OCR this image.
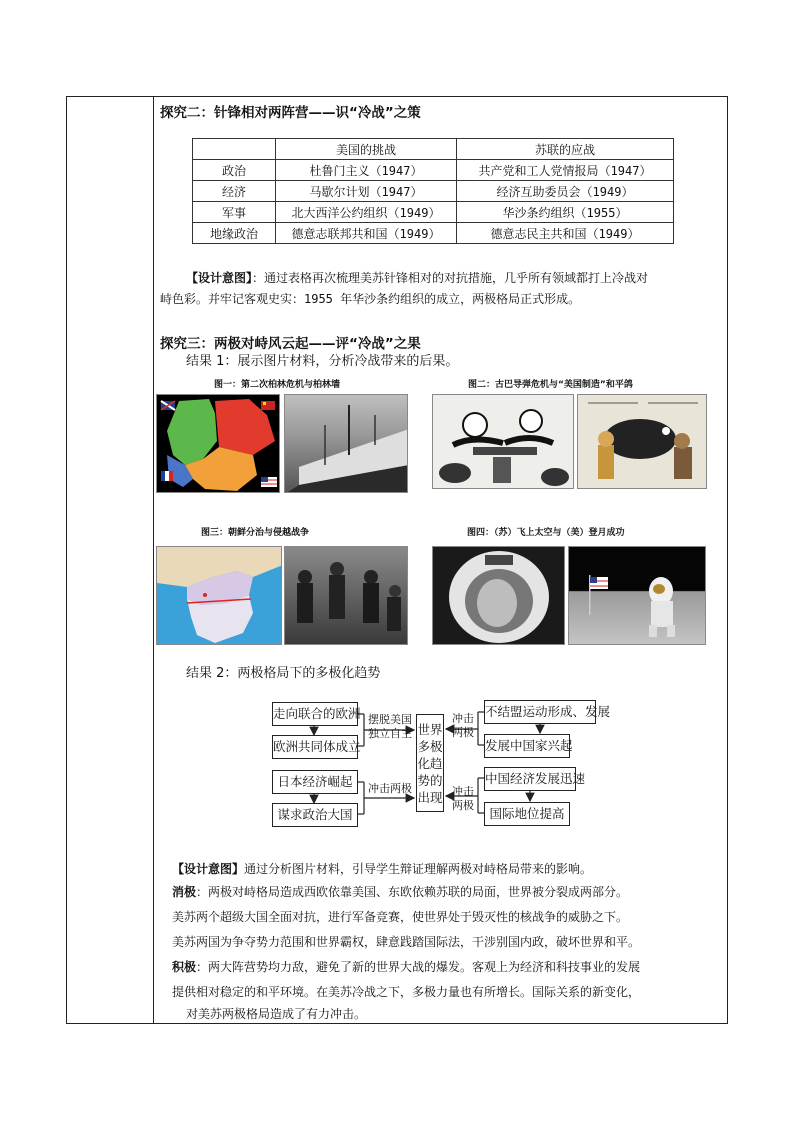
探究二：针锋相对两阵营——识“冷战”之策
	美国的挑战	苏联的应战
政治	杜鲁门主义（1947）	共产党和工人党情报局（1947）
经济	马歇尔计划（1947）	经济互助委员会（1949）
军事	北大西洋公约组织（1949）	华沙条约组织（1955）
地缘政治	德意志联邦共和国（1949）	德意志民主共和国（1949）
【设计意图】：通过表格再次梳理美苏针锋相对的对抗措施，几乎所有领域都打上冷战对
峙色彩。并牢记客观史实：1955 年华沙条约组织的成立，两极格局正式形成。
探究三：两极对峙风云起——评“冷战”之果
结果 1：展示图片材料，分析冷战带来的后果。
图一：第二次柏林危机与柏林墙	图二：古巴导弹危机与“美国制造”和平鸽
图三：朝鲜分治与侵越战争	图四：（苏）飞上太空与（美）登月成功
结果 2：两极格局下的多极化趋势
走向联合的欧洲
欧洲共同体成立
日本经济崛起
谋求政治大国
摆脱美国
独立自主
冲击两极
世界
多极
化趋
势的
出现
冲击
两极
冲击
两极
不结盟运动形成、发展
发展中国家兴起
中国经济发展迅速
国际地位提高
【设计意图】通过分析图片材料，引导学生辩证理解两极对峙格局带来的影响。
消极：两极对峙格局造成西欧依靠美国、东欧依赖苏联的局面，世界被分裂成两部分。
美苏两个超级大国全面对抗，进行军备竞赛，使世界处于毁灭性的核战争的威胁之下。
美苏两国为争夺势力范围和世界霸权，肆意践踏国际法，干涉别国内政，破坏世界和平。
积极：两大阵营势均力敌，避免了新的世界大战的爆发。客观上为经济和科技事业的发展
提供相对稳定的和平环境。在美苏冷战之下，多极力量也有所增长。国际关系的新变化，
对美苏两极格局造成了有力冲击。
